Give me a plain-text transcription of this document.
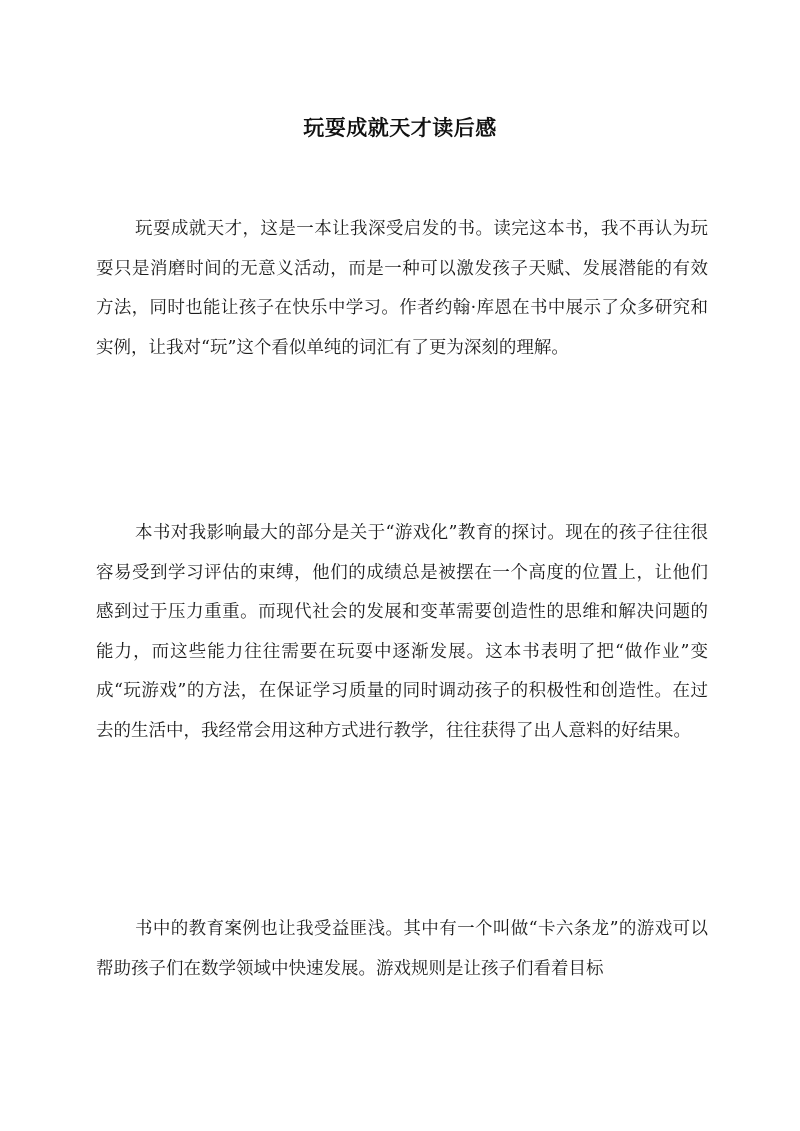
玩耍成就天才读后感

玩耍成就天才，这是一本让我深受启发的书。读完这本书，我不再认为玩耍只是消磨时间的无意义活动，而是一种可以激发孩子天赋、发展潜能的有效方法，同时也能让孩子在快乐中学习。作者约翰·库恩在书中展示了众多研究和实例，让我对“玩”这个看似单纯的词汇有了更为深刻的理解。

本书对我影响最大的部分是关于“游戏化”教育的探讨。现在的孩子往往很容易受到学习评估的束缚，他们的成绩总是被摆在一个高度的位置上，让他们感到过于压力重重。而现代社会的发展和变革需要创造性的思维和解决问题的能力，而这些能力往往需要在玩耍中逐渐发展。这本书表明了把“做作业”变成“玩游戏”的方法，在保证学习质量的同时调动孩子的积极性和创造性。在过去的生活中，我经常会用这种方式进行教学，往往获得了出人意料的好结果。

书中的教育案例也让我受益匪浅。其中有一个叫做“卡六条龙”的游戏可以帮助孩子们在数学领域中快速发展。游戏规则是让孩子们看着目标
